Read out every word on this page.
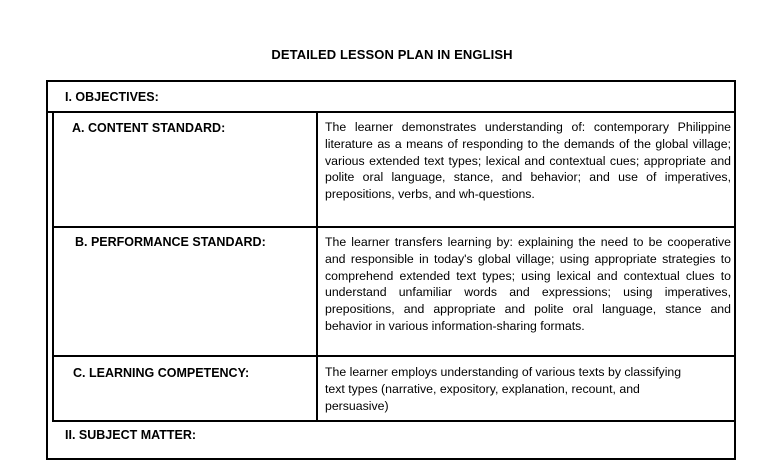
DETAILED LESSON PLAN IN ENGLISH
I. OBJECTIVES:
A. CONTENT STANDARD:	The learner demonstrates understanding of: contemporary Philippine literature as a means of responding to the demands of the global village; various extended text types; lexical and contextual cues; appropriate and polite oral language, stance, and behavior; and use of imperatives, prepositions, verbs, and wh-questions.
B. PERFORMANCE STANDARD:	The learner transfers learning by: explaining the need to be cooperative and responsible in today's global village; using appropriate strategies to comprehend extended text types; using lexical and contextual clues to understand unfamiliar words and expressions; using imperatives, prepositions, and appropriate and polite oral language, stance and behavior in various information-sharing formats.
C. LEARNING COMPETENCY:	The learner employs understanding of various texts by classifying text types (narrative, expository, explanation, recount, and persuasive)
II. SUBJECT MATTER:
